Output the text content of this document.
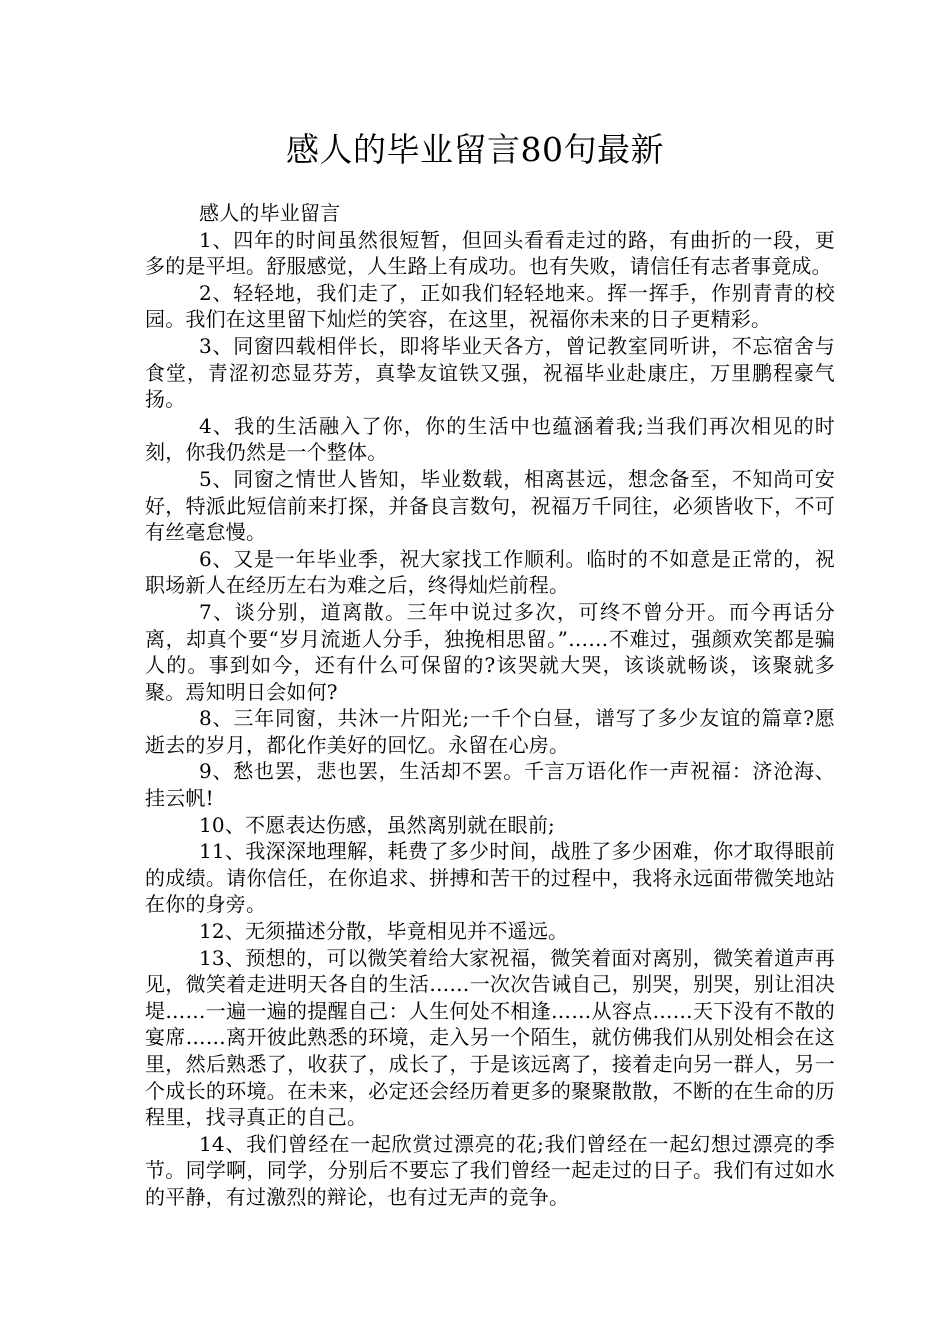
感人的毕业留言80句最新

感人的毕业留言

1、四年的时间虽然很短暂，但回头看看走过的路，有曲折的一段，更多的是平坦。舒服感觉，人生路上有成功。也有失败，请信任有志者事竟成。

2、轻轻地，我们走了，正如我们轻轻地来。挥一挥手，作别青青的校园。我们在这里留下灿烂的笑容，在这里，祝福你未来的日子更精彩。

3、同窗四载相伴长，即将毕业天各方，曾记教室同听讲，不忘宿舍与食堂，青涩初恋显芬芳，真挚友谊铁又强，祝福毕业赴康庄，万里鹏程豪气扬。

4、我的生活融入了你，你的生活中也蕴涵着我;当我们再次相见的时刻，你我仍然是一个整体。

5、同窗之情世人皆知，毕业数载，相离甚远，想念备至，不知尚可安好，特派此短信前来打探，并备良言数句，祝福万千同往，必须皆收下，不可有丝毫怠慢。

6、又是一年毕业季，祝大家找工作顺利。临时的不如意是正常的，祝职场新人在经历左右为难之后，终得灿烂前程。

7、谈分别，道离散。三年中说过多次，可终不曾分开。而今再话分离，却真个要“岁月流逝人分手，独挽相思留。”……不难过，强颜欢笑都是骗人的。事到如今，还有什么可保留的?该哭就大哭，该谈就畅谈，该聚就多聚。焉知明日会如何?

8、三年同窗，共沐一片阳光;一千个白昼，谱写了多少友谊的篇章?愿逝去的岁月，都化作美好的回忆。永留在心房。

9、愁也罢，悲也罢，生活却不罢。千言万语化作一声祝福：济沧海、挂云帆!

10、不愿表达伤感，虽然离别就在眼前;

11、我深深地理解，耗费了多少时间，战胜了多少困难，你才取得眼前的成绩。请你信任，在你追求、拼搏和苦干的过程中，我将永远面带微笑地站在你的身旁。

12、无须描述分散，毕竟相见并不遥远。

13、预想的，可以微笑着给大家祝福，微笑着面对离别，微笑着道声再见，微笑着走进明天各自的生活……一次次告诫自己，别哭，别哭，别让泪决堤……一遍一遍的提醒自己：人生何处不相逢……从容点……天下没有不散的宴席……离开彼此熟悉的环境，走入另一个陌生，就仿佛我们从别处相会在这里，然后熟悉了，收获了，成长了，于是该远离了，接着走向另一群人，另一个成长的环境。在未来，必定还会经历着更多的聚聚散散，不断的在生命的历程里，找寻真正的自己。

14、我们曾经在一起欣赏过漂亮的花;我们曾经在一起幻想过漂亮的季节。同学啊，同学，分别后不要忘了我们曾经一起走过的日子。我们有过如水的平静，有过激烈的辩论，也有过无声的竞争。
